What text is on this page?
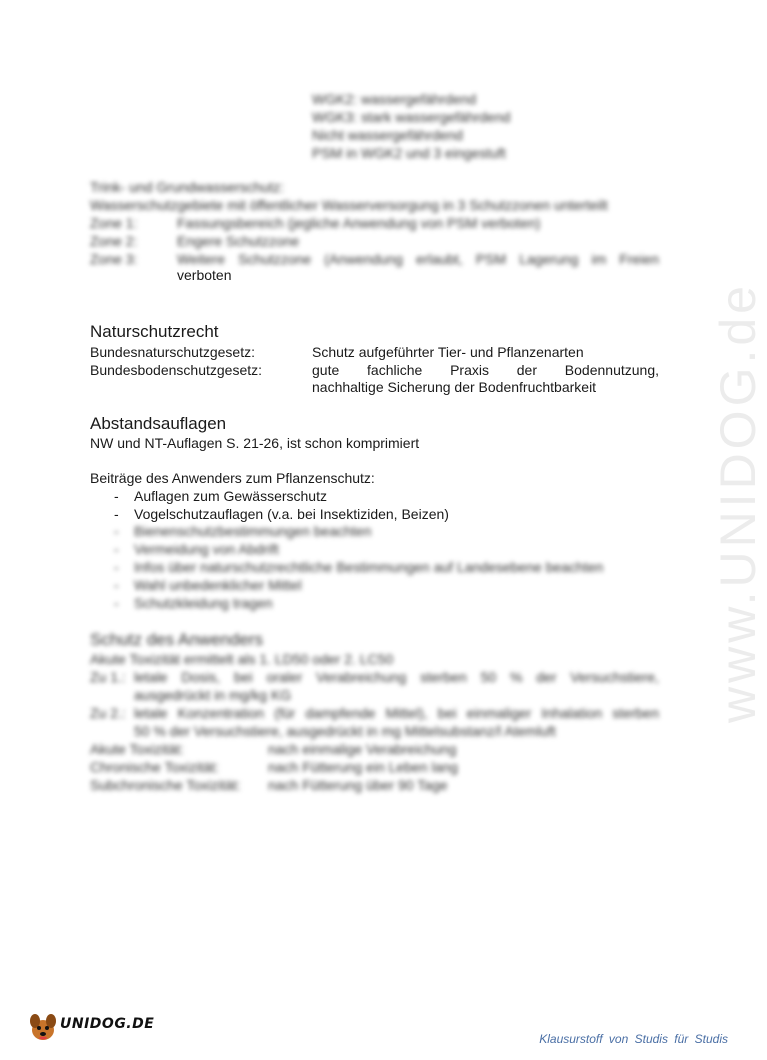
www.UNIDOG.de
WGK2: wassergefährdend
WGK3: stark wassergefährdend
Nicht wassergefährdend
PSM in WGK2 und 3 eingestuft
Trink- und Grundwasserschutz:
Wasserschutzgebiete mit öffentlicher Wasserversorgung in 3 Schutzzonen unterteilt
Zone 1:	Fassungsbereich (jegliche Anwendung von PSM verboten)
Zone 2:	Engere Schutzzone
Zone 3:	Weitere Schutzzone (Anwendung erlaubt, PSM Lagerung im Freien
verboten
Naturschutzrecht
Bundesnaturschutzgesetz:	Schutz aufgeführter Tier- und Pflanzenarten
Bundesbodenschutzgesetz:	gute fachliche Praxis der Bodennutzung,
nachhaltige Sicherung der Bodenfruchtbarkeit
Abstandsauflagen
NW und NT-Auflagen S. 21-26, ist schon komprimiert
Beiträge des Anwenders zum Pflanzenschutz:
- Auflagen zum Gewässerschutz
- Vogelschutzauflagen (v.a. bei Insektiziden, Beizen)
- Bienenschutzbestimmungen beachten
- Vermeidung von Abdrift
- Infos über naturschutzrechtliche Bestimmungen auf Landesebene beachten
- Wahl unbedenklicher Mittel
- Schutzkleidung tragen
Schutz des Anwenders
Akute Toxizität ermittelt als 1. LD50 oder 2. LC50
Zu 1.: letale Dosis, bei oraler Verabreichung sterben 50 % der Versuchstiere,
ausgedrückt in mg/kg KG
Zu 2.: letale Konzentration (für dampfende Mittel), bei einmaliger Inhalation sterben
50 % der Versuchstiere, ausgedrückt in mg Mittelsubstanz/l Atemluft
Akute Toxizität:	nach einmalige Verabreichung
Chronische Toxizität:	nach Fütterung ein Leben lang
Subchronische Toxizität: nach Fütterung über 90 Tage
UNIDOG.DE
Klausurstoff von Studis für Studis
